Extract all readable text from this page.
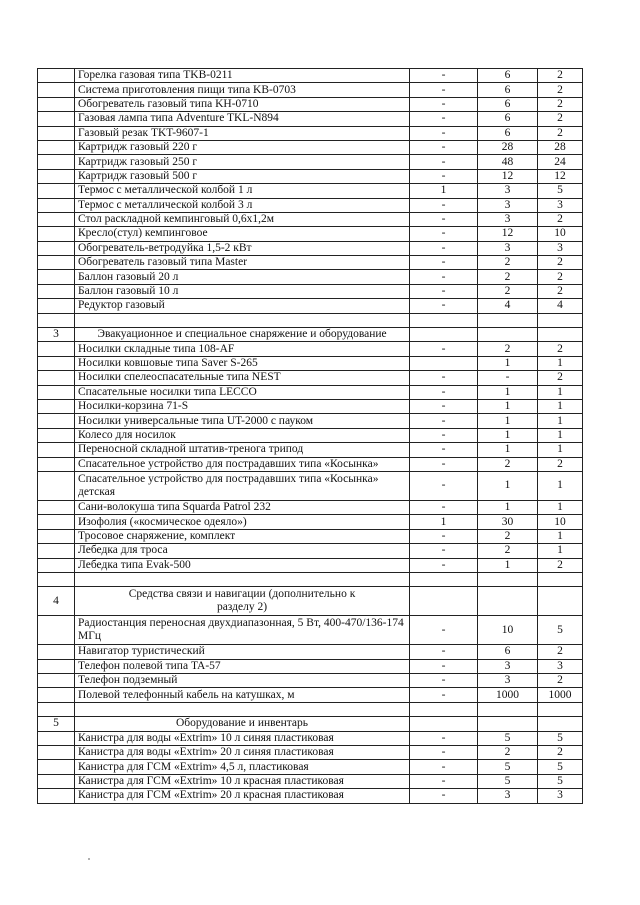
	Горелка газовая типа TKB-0211	-	6	2
	Система приготовления пищи типа KB-0703	-	6	2
	Обогреватель газовый типа KH-0710	-	6	2
	Газовая лампа типа Adventure TKL-N894	-	6	2
	Газовый резак TKT-9607-1	-	6	2
	Картридж газовый 220 г	-	28	28
	Картридж газовый 250 г	-	48	24
	Картридж газовый 500 г	-	12	12
	Термос с металлической колбой 1 л	1	3	5
	Термос с металлической колбой 3 л	-	3	3
	Стол раскладной кемпинговый 0,6х1,2м	-	3	2
	Кресло(стул) кемпинговое	-	12	10
	Обогреватель-ветродуйка 1,5-2 кВт	-	3	3
	Обогреватель газовый типа Master	-	2	2
	Баллон газовый 20 л	-	2	2
	Баллон газовый 10 л	-	2	2
	Редуктор газовый	-	4	4

3	Эвакуационное и специальное снаряжение и оборудование			
	Носилки складные типа 108-AF	-	2	2
	Носилки ковшовые типа Saver S-265		1	1
	Носилки спелеоспасательные типа NEST	-	-	2
	Спасательные носилки типа LECCO	-	1	1
	Носилки-корзина 71-S	-	1	1
	Носилки универсальные типа UT-2000 с пауком	-	1	1
	Колесо для носилок	-	1	1
	Переносной складной штатив-тренога трипод	-	1	1
	Спасательное устройство для пострадавших типа «Косынка»	-	2	2
	Спасательное устройство для пострадавших типа «Косынка» детская	-	1	1
	Сани-волокуша типа Squarda Patrol 232	-	1	1
	Изофолия («космическое одеяло»)	1	30	10
	Тросовое снаряжение, комплект	-	2	1
	Лебедка для троса	-	2	1
	Лебедка типа Evak-500	-	1	2

4	Средства связи и навигации (дополнительно к разделу 2)			
	Радиостанция переносная двухдиапазонная, 5 Вт, 400-470/136-174 МГц	-	10	5
	Навигатор туристический	-	6	2
	Телефон полевой типа TA-57	-	3	3
	Телефон подземный	-	3	2
	Полевой телефонный кабель на катушках, м	-	1000	1000

5	Оборудование и инвентарь			
	Канистра для воды «Extrim» 10 л синяя пластиковая	-	5	5
	Канистра для воды «Extrim» 20 л синяя пластиковая	-	2	2
	Канистра для ГСМ «Extrim» 4,5 л, пластиковая	-	5	5
	Канистра для ГСМ «Extrim» 10 л красная пластиковая	-	5	5
	Канистра для ГСМ «Extrim» 20 л красная пластиковая	-	3	3
